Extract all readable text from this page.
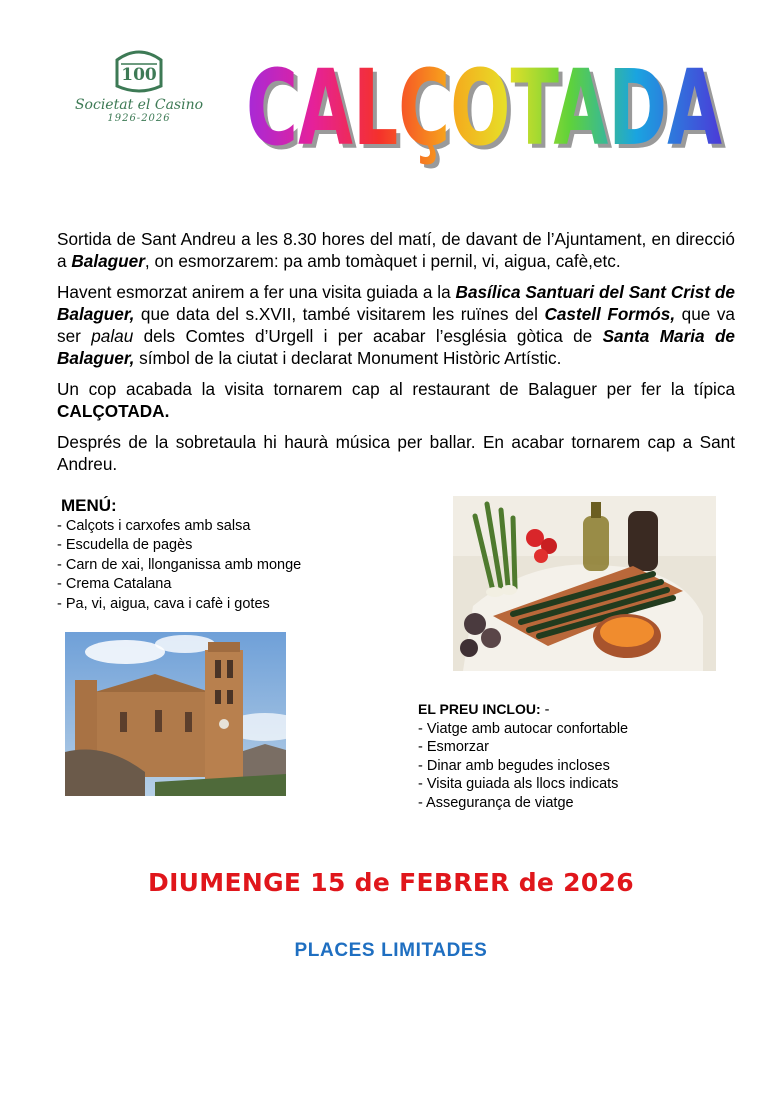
100
Societat el Casino
1926-2026 CALÇOTADA
CALÇOTADA

Sortida de Sant Andreu a les 8.30 hores del matí, de davant de l’Ajuntament, en direcció a Balaguer, on esmorzarem: pa amb tomàquet i pernil, vi, aigua, cafè,etc.

Havent esmorzat anirem a fer una visita guiada a la Basílica Santuari del Sant Crist de Balaguer, que data del s.XVII, també visitarem les ruïnes del Castell Formós, que va ser palau dels Comtes d’Urgell i per acabar l’església gòtica de Santa Maria de Balaguer, símbol de la ciutat i declarat Monument Històric Artístic.

Un cop acabada la visita tornarem cap al restaurant de Balaguer per fer la típica CALÇOTADA.

Després de la sobretaula hi haurà música per ballar. En acabar tornarem cap a Sant Andreu.

MENÚ:
- Calçots i carxofes amb salsa
- Escudella de pagès
- Carn de xai, llonganissa amb monge
- Crema Catalana
- Pa, vi, aigua, cava i cafè i gotes
EL PREU INCLOU: -
- Viatge amb autocar confortable
- Esmorzar
- Dinar amb begudes incloses
- Visita guiada als llocs indicats
- Assegurança de viatge
DIUMENGE 15 de FEBRER de 2026
PLACES LIMITADES
